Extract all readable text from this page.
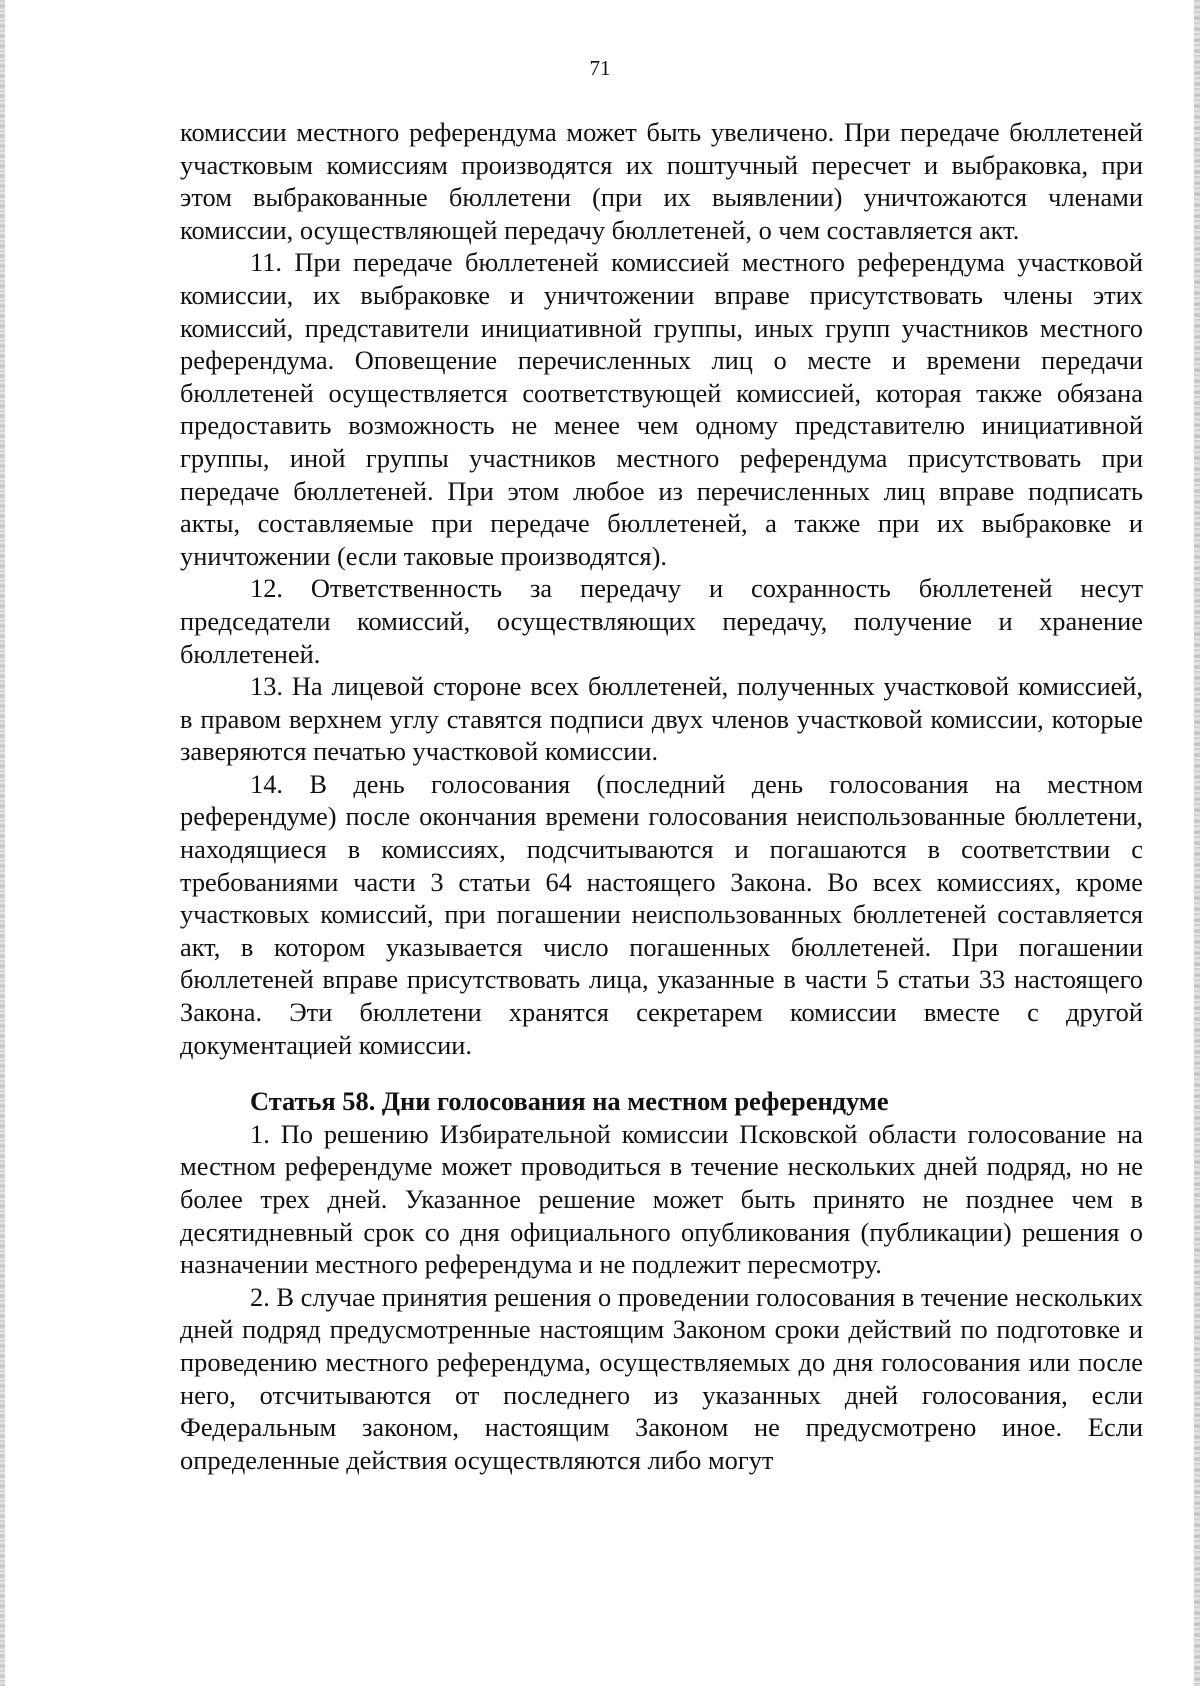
71

комиссии местного референдума может быть увеличено. При передаче бюллетеней участковым комиссиям производятся их поштучный пересчет и выбраковка, при этом выбракованные бюллетени (при их выявлении) уничтожаются членами комиссии, осуществляющей передачу бюллетеней, о чем составляется акт.

11. При передаче бюллетеней комиссией местного референдума участковой комиссии, их выбраковке и уничтожении вправе присутствовать члены этих комиссий, представители инициативной группы, иных групп участников местного референдума. Оповещение перечисленных лиц о месте и времени передачи бюллетеней осуществляется соответствующей комиссией, которая также обязана предоставить возможность не менее чем одному представителю инициативной группы, иной группы участников местного референдума присутствовать при передаче бюллетеней. При этом любое из перечисленных лиц вправе подписать акты, составляемые при передаче бюллетеней, а также при их выбраковке и уничтожении (если таковые производятся).

12. Ответственность за передачу и сохранность бюллетеней несут председатели комиссий, осуществляющих передачу, получение и хранение бюллетеней.

13. На лицевой стороне всех бюллетеней, полученных участковой комиссией, в правом верхнем углу ставятся подписи двух членов участковой комиссии, которые заверяются печатью участковой комиссии.

14. В день голосования (последний день голосования на местном референдуме) после окончания времени голосования неиспользованные бюллетени, находящиеся в комиссиях, подсчитываются и погашаются в соответствии с требованиями части 3 статьи 64 настоящего Закона. Во всех комиссиях, кроме участковых комиссий, при погашении неиспользованных бюллетеней составляется акт, в котором указывается число погашенных бюллетеней. При погашении бюллетеней вправе присутствовать лица, указанные в части 5 статьи 33 настоящего Закона. Эти бюллетени хранятся секретарем комиссии вместе с другой документацией комиссии.

Статья 58. Дни голосования на местном референдуме

1. По решению Избирательной комиссии Псковской области голосование на местном референдуме может проводиться в течение нескольких дней подряд, но не более трех дней. Указанное решение может быть принято не позднее чем в десятидневный срок со дня официального опубликования (публикации) решения о назначении местного референдума и не подлежит пересмотру.

2. В случае принятия решения о проведении голосования в течение нескольких дней подряд предусмотренные настоящим Законом сроки действий по подготовке и проведению местного референдума, осуществляемых до дня голосования или после него, отсчитываются от последнего из указанных дней голосования, если Федеральным законом, настоящим Законом не предусмотрено иное. Если определенные действия осуществляются либо могут
